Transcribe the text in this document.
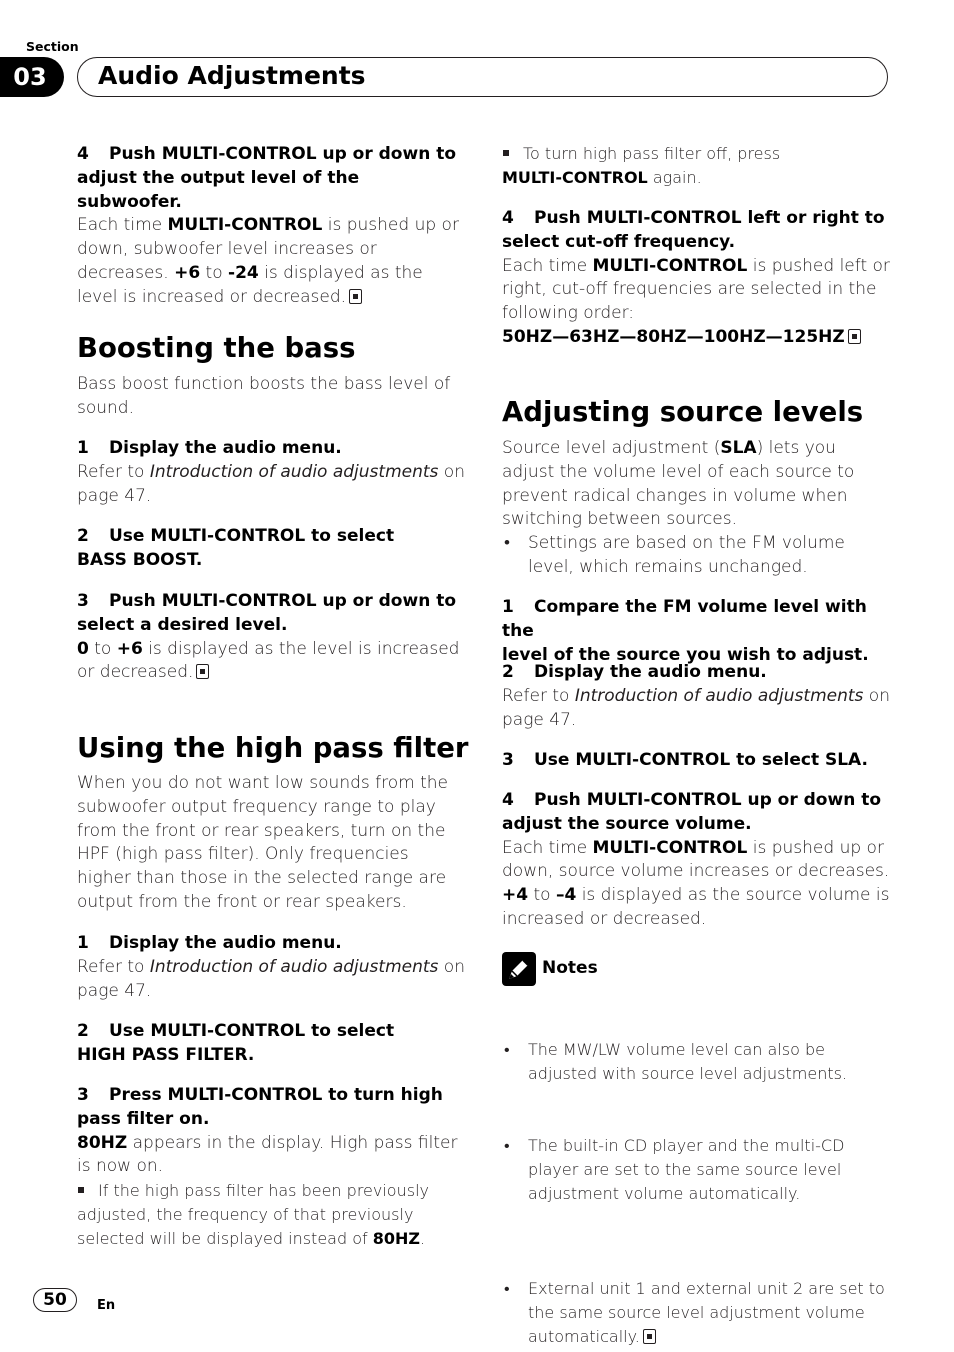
Section
03	Audio Adjustments
4 Push MULTI-CONTROL up or down to
adjust the output level of the subwoofer.
Each time MULTI-CONTROL is pushed up or down, subwoofer level increases or decreases. +6 to -24 is displayed as the level is increased or decreased.
Boosting the bass
Bass boost function boosts the bass level of sound.
1 Display the audio menu.
Refer to Introduction of audio adjustments on page 47.
2 Use MULTI-CONTROL to select
BASS BOOST.
3 Push MULTI-CONTROL up or down to
select a desired level.
0 to +6 is displayed as the level is increased or decreased.
Using the high pass filter
When you do not want low sounds from the subwoofer output frequency range to play from the front or rear speakers, turn on the HPF (high pass filter). Only frequencies higher than those in the selected range are output from the front or rear speakers.
1 Display the audio menu.
Refer to Introduction of audio adjustments on page 47.
2 Use MULTI-CONTROL to select
HIGH PASS FILTER.
3 Press MULTI-CONTROL to turn high
pass filter on.
80HZ appears in the display. High pass filter is now on.
If the high pass filter has been previously adjusted, the frequency of that previously selected will be displayed instead of 80HZ.
To turn high pass filter off, press
MULTI-CONTROL again.
4 Push MULTI-CONTROL left or right to
select cut-off frequency.
Each time MULTI-CONTROL is pushed left or right, cut-off frequencies are selected in the following order:
50HZ—63HZ—80HZ—100HZ—125HZ
Adjusting source levels
Source level adjustment (SLA) lets you adjust the volume level of each source to prevent radical changes in volume when switching between sources.
• Settings are based on the FM volume level, which remains unchanged.
1 Compare the FM volume level with the
level of the source you wish to adjust.
2 Display the audio menu.
Refer to Introduction of audio adjustments on page 47.
3 Use MULTI-CONTROL to select SLA.
4 Push MULTI-CONTROL up or down to
adjust the source volume.
Each time MULTI-CONTROL is pushed up or down, source volume increases or decreases. +4 to –4 is displayed as the source volume is increased or decreased.
Notes
• The MW/LW volume level can also be adjusted with source level adjustments.
• The built-in CD player and the multi-CD player are set to the same source level adjustment volume automatically.
• External unit 1 and external unit 2 are set to the same source level adjustment volume automatically.
50	En
